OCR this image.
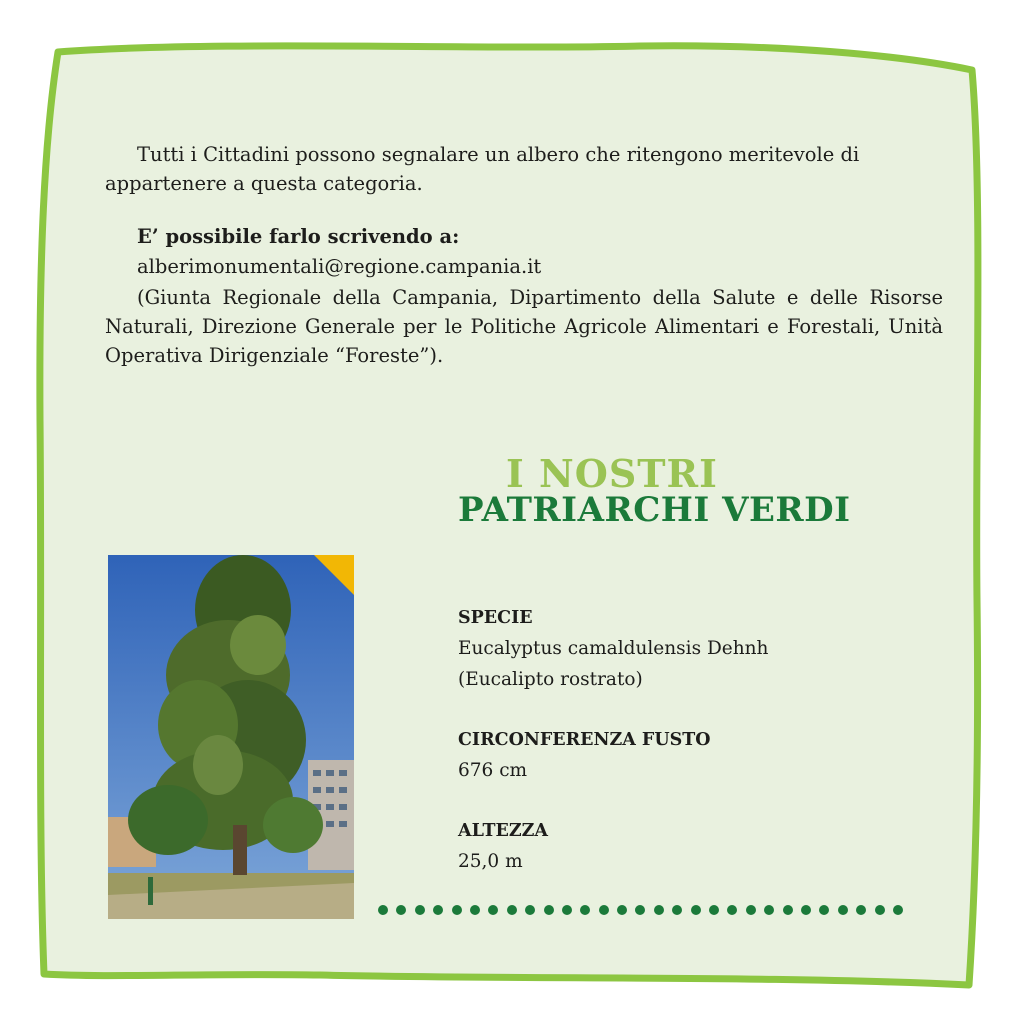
Tutti i Cittadini possono segnalare un albero che ritengono meritevole di
appartenere a questa categoria.
E’ possibile farlo scrivendo a:
alberimonumentali@regione.campania.it

(Giunta Regionale della Campania, Dipartimento della Salute e delle Risorse Naturali, Direzione Generale per le Politiche Agricole Alimentari e Forestali, Unità Operativa Dirigenziale “Foreste”).

I NOSTRI
PATRIARCHI VERDI
SPECIE
Eucalyptus camaldulensis Dehnh
(Eucalipto rostrato)
CIRCONFERENZA FUSTO
676 cm
ALTEZZA
25,0 m
